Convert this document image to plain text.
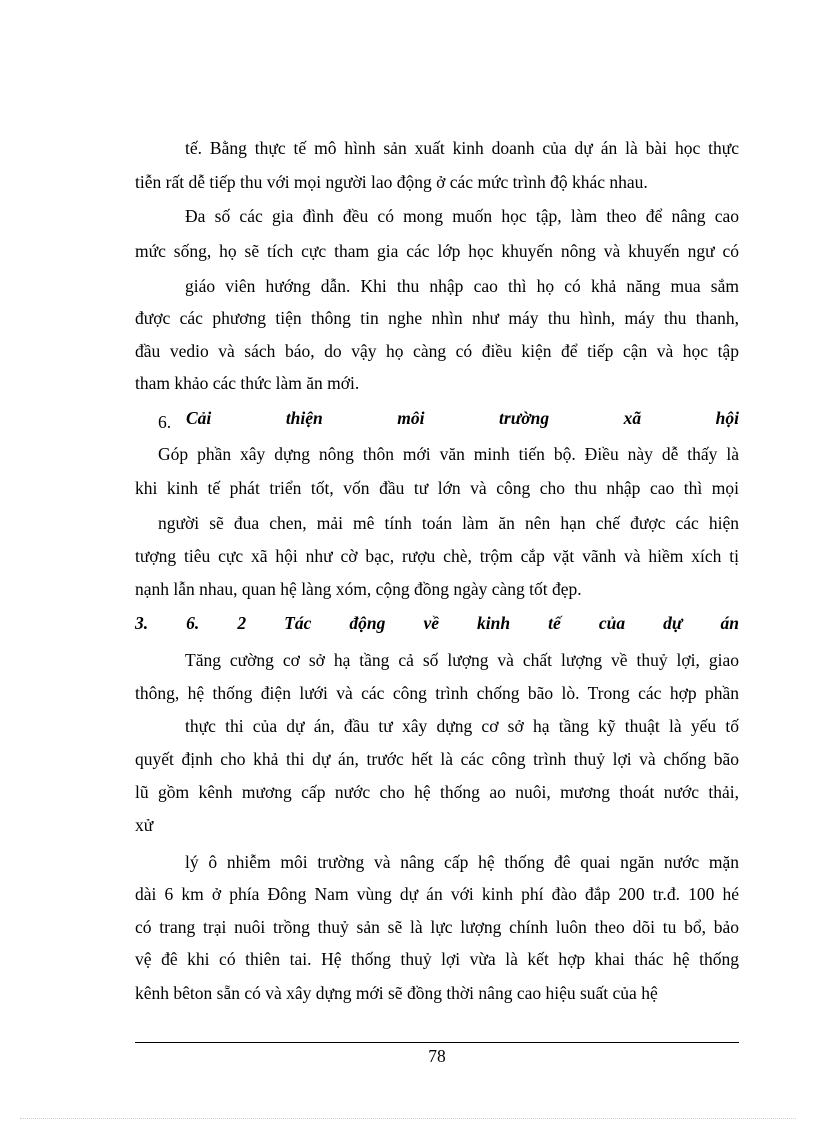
tế. Bằng thực tế mô hình sản xuất kinh doanh của dự án là bài học thực
tiễn rất dễ tiếp thu với mọi người lao động ở các mức trình độ khác nhau.
Đa số các gia đình đều có mong muốn học tập, làm theo để nâng cao
mức sống, họ sẽ tích cực tham gia các lớp học khuyến nông và khuyến ngư có
giáo viên hướng dẫn. Khi thu nhập cao thì họ có khả năng mua sắm
được các phương tiện thông tin nghe nhìn như máy thu hình, máy thu thanh,
đầu vedio và sách báo, do vậy họ càng có điều kiện để tiếp cận và học tập
tham khảo các thức làm ăn mới.
6. Cải	thiện	môi	trường	xã	hội
Góp phần xây dựng nông thôn mới văn minh tiến bộ. Điều này dễ thấy là
khi kinh tế phát triển tốt, vốn đầu tư lớn và công cho thu nhập cao thì mọi
người sẽ đua chen, mải mê tính toán làm ăn nên hạn chế được các hiện
tượng tiêu cực xã hội như cờ bạc, rượu chè, trộm cắp vặt vãnh và hiềm xích tị
nạnh lẫn nhau, quan hệ làng xóm, cộng đồng ngày càng tốt đẹp.
3. 6. 2 Tác động về kinh tế của dự án
Tăng cường cơ sở hạ tầng cả số lượng và chất lượng về thuỷ lợi, giao
thông, hệ thống điện lưới và các công trình chống bão lò. Trong các hợp phần
thực thi của dự án, đầu tư xây dựng cơ sở hạ tầng kỹ thuật là yếu tố
quyết định cho khả thi dự án, trước hết là các công trình thuỷ lợi và chống bão
lũ gồm kênh mương cấp nước cho hệ thống ao nuôi, mương thoát nước thải,
xử
lý ô nhiễm môi trường và nâng cấp hệ thống đê quai ngăn nước mặn
dài 6 km ở phía Đông Nam vùng dự án với kinh phí đào đắp 200 tr.đ. 100 hé
có trang trại nuôi trồng thuỷ sản sẽ là lực lượng chính luôn theo dõi tu bổ, bảo
vệ đê khi có thiên tai. Hệ thống thuỷ lợi vừa là kết hợp khai thác hệ thống
kênh bêton sẵn có và xây dựng mới sẽ đồng thời nâng cao hiệu suất của hệ
78
